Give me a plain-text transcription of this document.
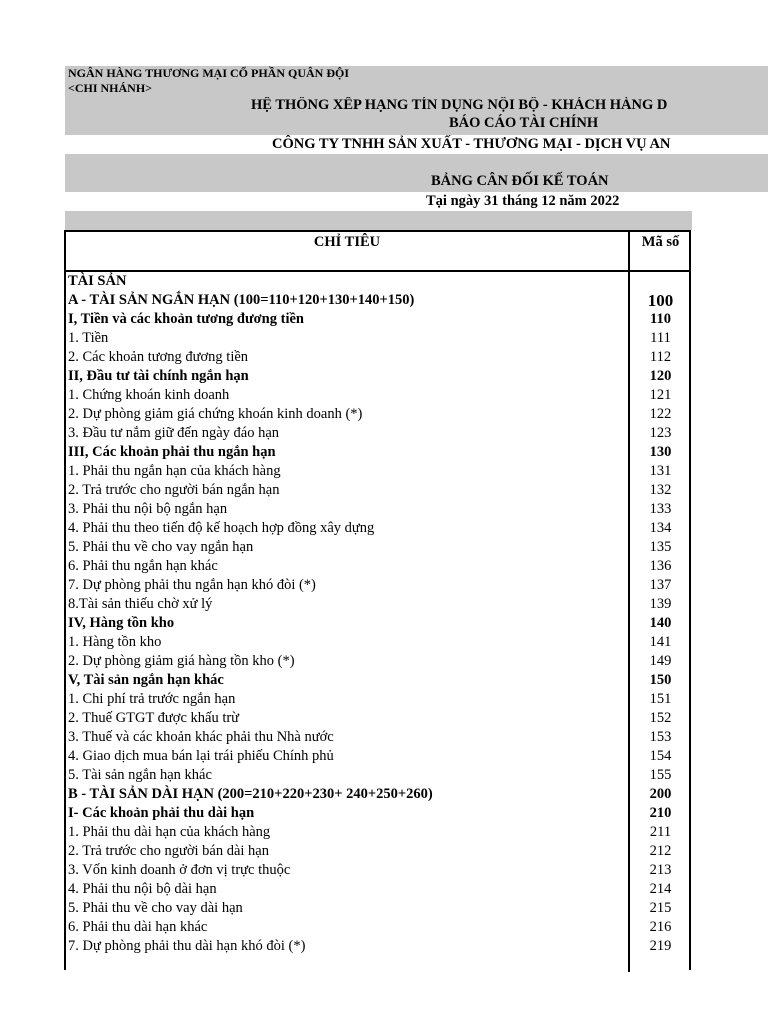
NGÂN HÀNG THƯƠNG MẠI CỔ PHẦN QUÂN ĐỘI
<CHI NHÁNH>
HỆ THỐNG XẾP HẠNG TÍN DỤNG NỘI BỘ - KHÁCH HÀNG D
BÁO CÁO TÀI CHÍNH
CÔNG TY TNHH SẢN XUẤT - THƯƠNG MẠI - DỊCH VỤ AN
BẢNG CÂN ĐỐI KẾ TOÁN
Tại ngày 31 tháng 12 năm 2022
CHỈ TIÊU	Mã số
TÀI SẢN
A - TÀI SẢN NGẮN HẠN (100=110+120+130+140+150)	100
I, Tiền và các khoản tương đương tiền	110
1. Tiền	111
2. Các khoản tương đương tiền	112
II, Đầu tư tài chính ngắn hạn	120
1. Chứng khoán kinh doanh	121
2. Dự phòng giảm giá chứng khoán kinh doanh (*)	122
3. Đầu tư nắm giữ đến ngày đáo hạn	123
III, Các khoản phải thu ngắn hạn	130
1. Phải thu ngắn hạn của khách hàng	131
2. Trả trước cho người bán ngắn hạn	132
3. Phải thu nội bộ ngắn hạn	133
4. Phải thu theo tiến độ kế hoạch hợp đồng xây dựng	134
5. Phải thu về cho vay ngắn hạn	135
6. Phải thu ngắn hạn khác	136
7. Dự phòng phải thu ngắn hạn khó đòi (*)	137
8.Tài sản thiếu chờ xử lý	139
IV, Hàng tồn kho	140
1. Hàng tồn kho	141
2. Dự phòng giảm giá hàng tồn kho (*)	149
V, Tài sản ngắn hạn khác	150
1. Chi phí trả trước ngắn hạn	151
2. Thuế GTGT được khấu trừ	152
3. Thuế và các khoản khác phải thu Nhà nước	153
4. Giao dịch mua bán lại trái phiếu Chính phủ	154
5. Tài sản ngắn hạn khác	155
B - TÀI SẢN DÀI HẠN (200=210+220+230+ 240+250+260)	200
I- Các khoản phải thu dài hạn	210
1. Phải thu dài hạn của khách hàng	211
2. Trả trước cho người bán dài hạn	212
3. Vốn kinh doanh ở đơn vị trực thuộc	213
4. Phải thu nội bộ dài hạn	214
5. Phải thu về cho vay dài hạn	215
6. Phải thu dài hạn khác	216
7. Dự phòng phải thu dài hạn khó đòi (*)	219
